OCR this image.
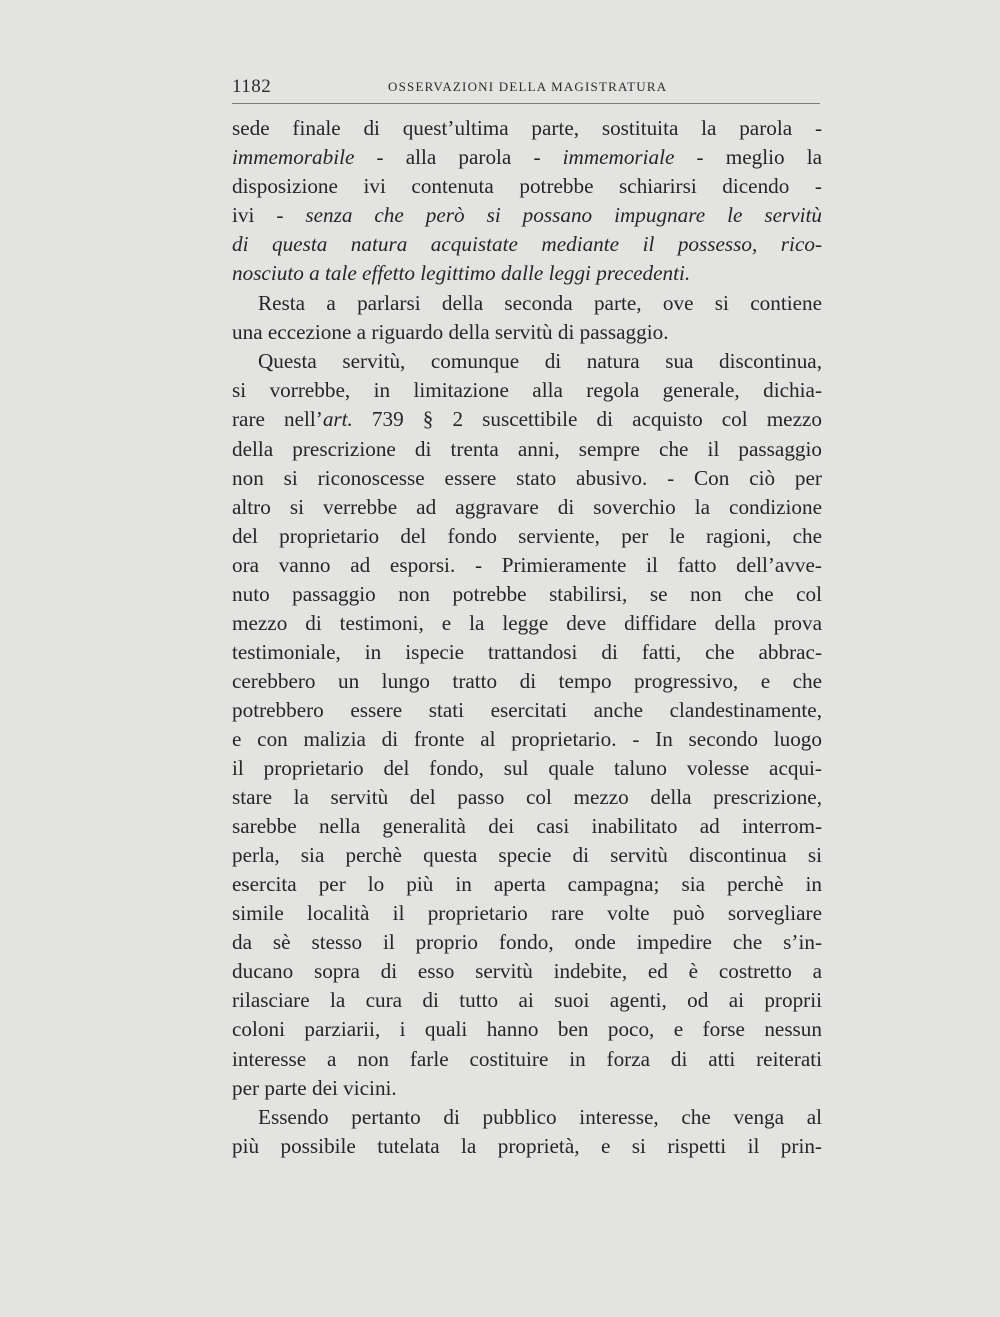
1182	OSSERVAZIONI DELLA MAGISTRATURA

sede finale di quest’ultima parte, sostituita la parola -

immemorabile - alla parola - immemoriale - meglio la

disposizione ivi contenuta potrebbe schiarirsi dicendo -

ivi - senza che però si possano impugnare le servitù

di questa natura acquistate mediante il possesso, rico-

nosciuto a tale effetto legittimo dalle leggi precedenti.

Resta a parlarsi della seconda parte, ove si contiene

una eccezione a riguardo della servitù di passaggio.

Questa servitù, comunque di natura sua discontinua,

si vorrebbe, in limitazione alla regola generale, dichia-

rare nell’art. 739 § 2 suscettibile di acquisto col mezzo

della prescrizione di trenta anni, sempre che il passaggio

non si riconoscesse essere stato abusivo. - Con ciò per

altro si verrebbe ad aggravare di soverchio la condizione

del proprietario del fondo serviente, per le ragioni, che

ora vanno ad esporsi. - Primieramente il fatto dell’avve-

nuto passaggio non potrebbe stabilirsi, se non che col

mezzo di testimoni, e la legge deve diffidare della prova

testimoniale, in ispecie trattandosi di fatti, che abbrac-

cerebbero un lungo tratto di tempo progressivo, e che

potrebbero essere stati esercitati anche clandestinamente,

e con malizia di fronte al proprietario. - In secondo luogo

il proprietario del fondo, sul quale taluno volesse acqui-

stare la servitù del passo col mezzo della prescrizione,

sarebbe nella generalità dei casi inabilitato ad interrom-

perla, sia perchè questa specie di servitù discontinua si

esercita per lo più in aperta campagna; sia perchè in

simile località il proprietario rare volte può sorvegliare

da sè stesso il proprio fondo, onde impedire che s’in-

ducano sopra di esso servitù indebite, ed è costretto a

rilasciare la cura di tutto ai suoi agenti, od ai proprii

coloni parziarii, i quali hanno ben poco, e forse nessun

interesse a non farle costituire in forza di atti reiterati

per parte dei vicini.

Essendo pertanto di pubblico interesse, che venga al

più possibile tutelata la proprietà, e si rispetti il prin-
